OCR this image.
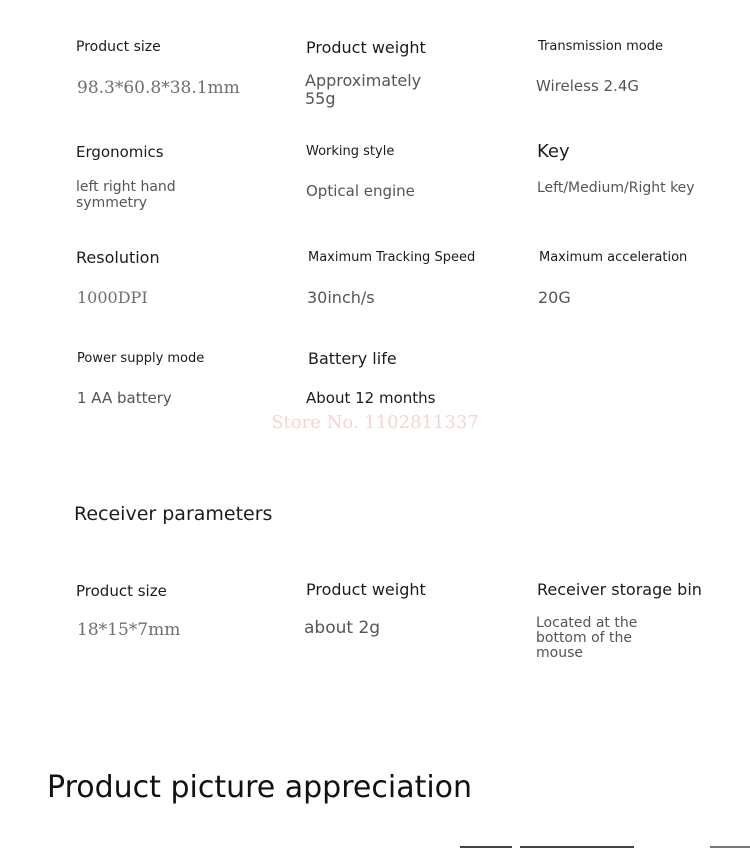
Product size
98.3*60.8*38.1mm
Product weight
Approximately 55g
Transmission mode
Wireless 2.4G
Ergonomics
left right hand symmetry
Working style
Optical engine
Key
Left/Medium/Right key
Resolution
1000DPI
Maximum Tracking Speed
30inch/s
Maximum acceleration
20G
Power supply mode
1 AA battery
Battery life
About 12 months
Store No. 1102811337
Receiver parameters
Product size
18*15*7mm
Product weight
about 2g
Receiver storage bin
Located at the bottom of the mouse
Product picture appreciation
